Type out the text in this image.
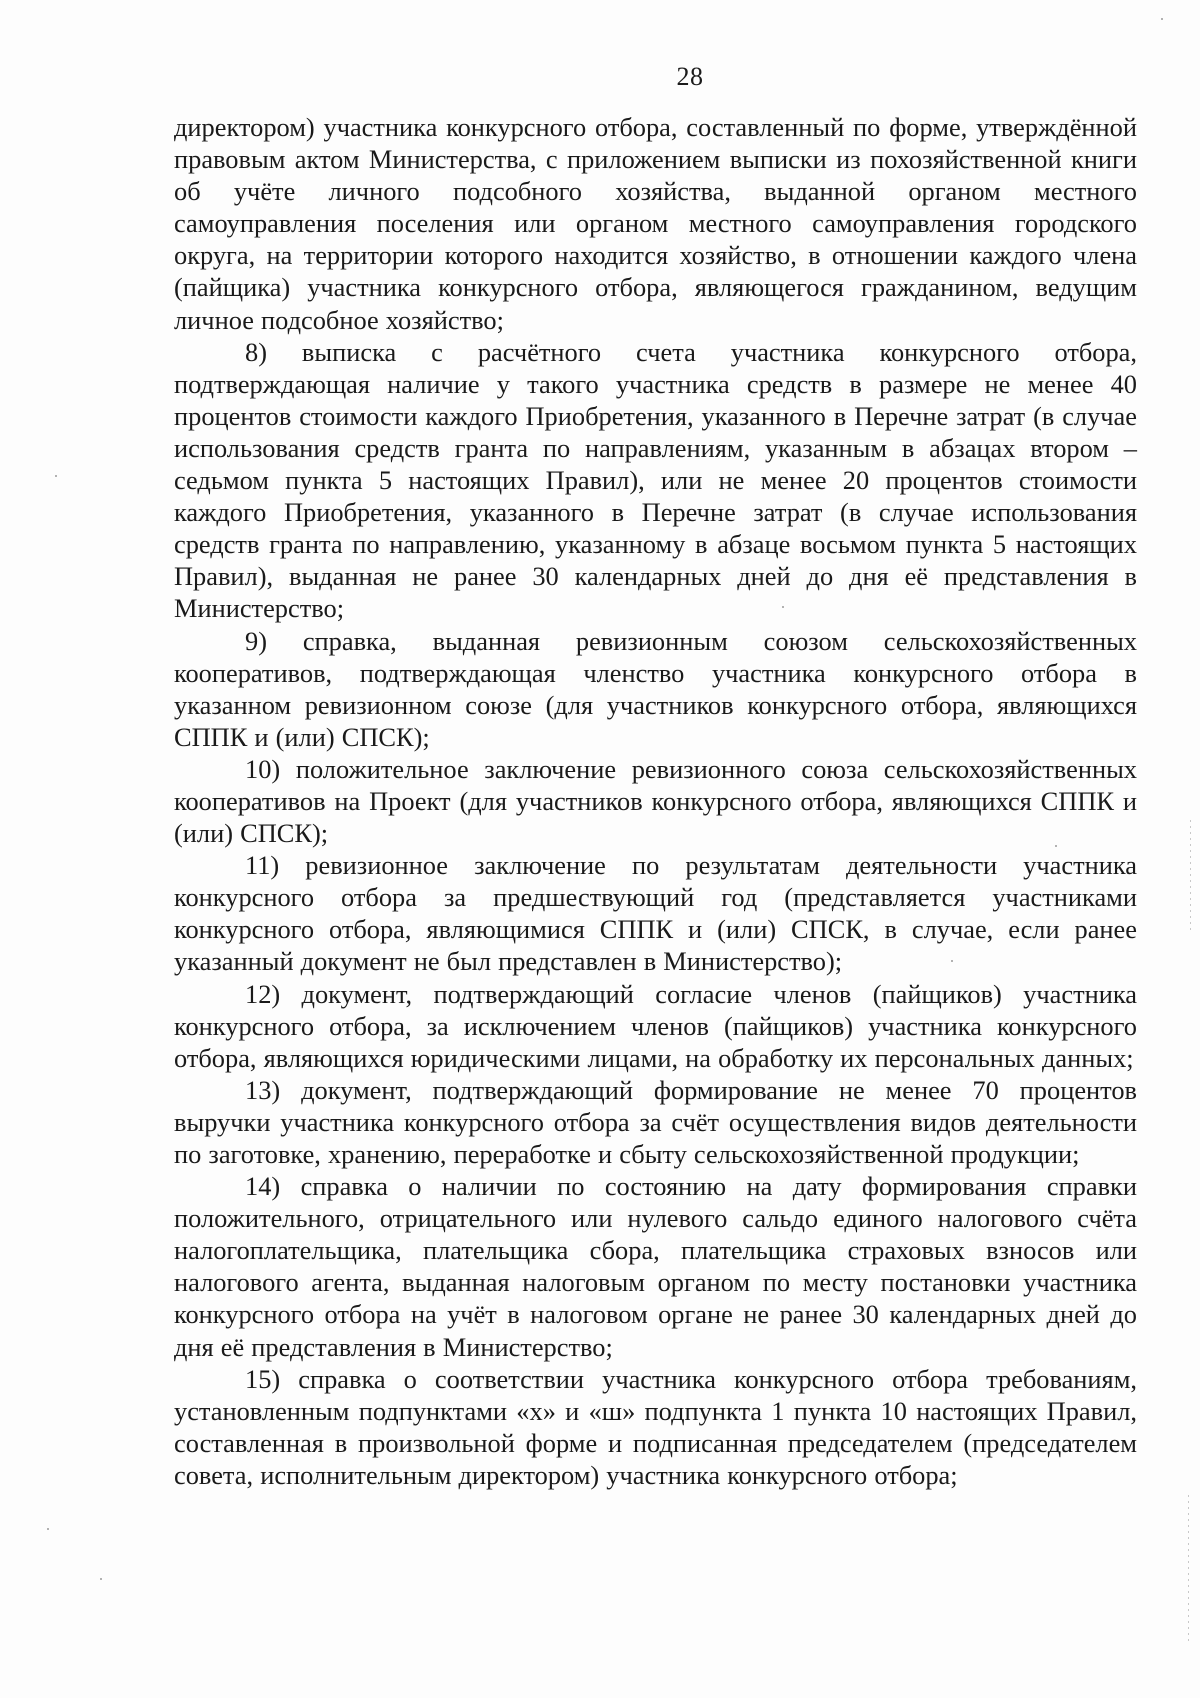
28

директором) участника конкурсного отбора, составленный по форме, утверждённой правовым актом Министерства, с приложением выписки из похозяйственной книги об учёте личного подсобного хозяйства, выданной органом местного самоуправления поселения или органом местного самоуправления городского округа, на территории которого находится хозяйство, в отношении каждого члена (пайщика) участника конкурсного отбора, являющегося гражданином, ведущим личное подсобное хозяйство;

8) выписка с расчётного счета участника конкурсного отбора, подтверждающая наличие у такого участника средств в размере не менее 40 процентов стоимости каждого Приобретения, указанного в Перечне затрат (в случае использования средств гранта по направлениям, указанным в абзацах втором – седьмом пункта 5 настоящих Правил), или не менее 20 процентов стоимости каждого Приобретения, указанного в Перечне затрат (в случае использования средств гранта по направлению, указанному в абзаце восьмом пункта 5 настоящих Правил), выданная не ранее 30 календарных дней до дня её представления в Министерство;

9) справка, выданная ревизионным союзом сельскохозяйственных кооперативов, подтверждающая членство участника конкурсного отбора в указанном ревизионном союзе (для участников конкурсного отбора, являющихся СППК и (или) СПСК);

10) положительное заключение ревизионного союза сельскохозяйственных кооперативов на Проект (для участников конкурсного отбора, являющихся СППК и (или) СПСК);

11) ревизионное заключение по результатам деятельности участника конкурсного отбора за предшествующий год (представляется участниками конкурсного отбора, являющимися СППК и (или) СПСК, в случае, если ранее указанный документ не был представлен в Министерство);

12) документ, подтверждающий согласие членов (пайщиков) участника конкурсного отбора, за исключением членов (пайщиков) участника конкурсного отбора, являющихся юридическими лицами, на обработку их персональных данных;

13) документ, подтверждающий формирование не менее 70 процентов выручки участника конкурсного отбора за счёт осуществления видов деятельности по заготовке, хранению, переработке и сбыту сельскохозяйственной продукции;

14) справка о наличии по состоянию на дату формирования справки положительного, отрицательного или нулевого сальдо единого налогового счёта налогоплательщика, плательщика сбора, плательщика страховых взносов или налогового агента, выданная налоговым органом по месту постановки участника конкурсного отбора на учёт в налоговом органе не ранее 30 календарных дней до дня её представления в Министерство;

15) справка о соответствии участника конкурсного отбора требованиям, установленным подпунктами «х» и «ш» подпункта 1 пункта 10 настоящих Правил, составленная в произвольной форме и подписанная председателем (председателем совета, исполнительным директором) участника конкурсного отбора;
